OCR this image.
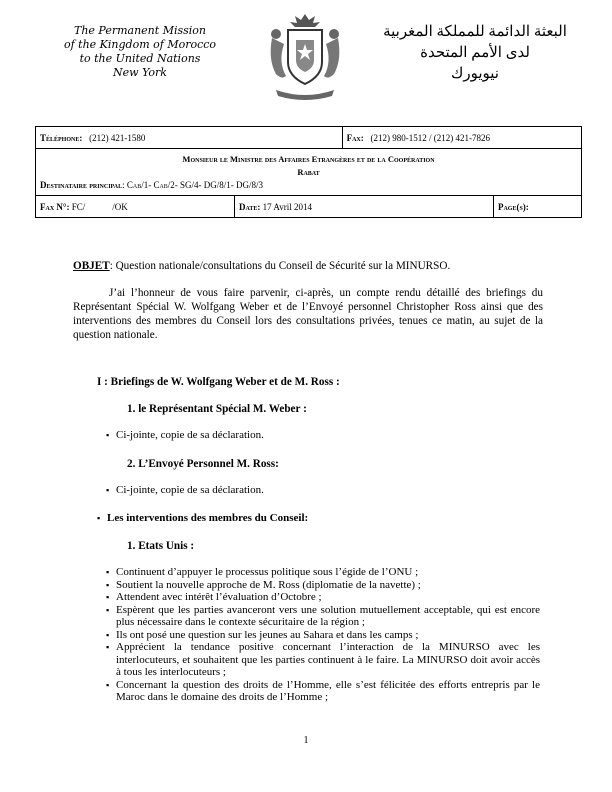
The Permanent Mission
of the Kingdom of Morocco
to the United Nations
New York
البعثة الدائمة للمملكة المغربية
لدى الأمم المتحدة
نيويورك
Téléphone: (212) 421-1580		Fax: (212) 980-1512 / (212) 421-7826	

Monsieur le Ministre des Affaires Etrangères et de la Coopération
Rabat
Destinataire principal: Cab/1- Cab/2- SG/4- DG/8/1- DG/8/3			

Fax N°: FC/            /OK	Date: 17 Avril 2014		Page(s):
OBJET: Question nationale/consultations du Conseil de Sécurité sur la MINURSO.
J’ai l’honneur de vous faire parvenir, ci-après, un compte rendu détaillé des briefings du Représentant Spécial W. Wolfgang Weber et de l’Envoyé personnel Christopher Ross ainsi que des interventions des membres du Conseil lors des consultations privées, tenues ce matin, au sujet de la question nationale.
I : Briefings de W. Wolfgang Weber et de M. Ross :
1. le Représentant Spécial M. Weber :
▪ Ci-jointe, copie de sa déclaration.
2. L’Envoyé Personnel M. Ross:
▪ Ci-jointe, copie de sa déclaration.
▪ Les interventions des membres du Conseil:
1. Etats Unis :
▪ Continuent d’appuyer le processus politique sous l’égide de l’ONU ;
▪ Soutient la nouvelle approche de M. Ross (diplomatie de la navette) ;
▪ Attendent avec intérêt l’évaluation d’Octobre ;
▪ Espèrent que les parties avanceront vers une solution mutuellement acceptable, qui est encore plus nécessaire dans le contexte sécuritaire de la région ;
▪ Ils ont posé une question sur les jeunes au Sahara et dans les camps ;
▪ Apprécient la tendance positive concernant l’interaction de la MINURSO avec les interlocuteurs, et souhaitent que les parties continuent à le faire. La MINURSO doit avoir accès à tous les interlocuteurs ;
▪ Concernant la question des droits de l’Homme, elle s’est félicitée des efforts entrepris par le Maroc dans le domaine des droits de l’Homme ;
1
